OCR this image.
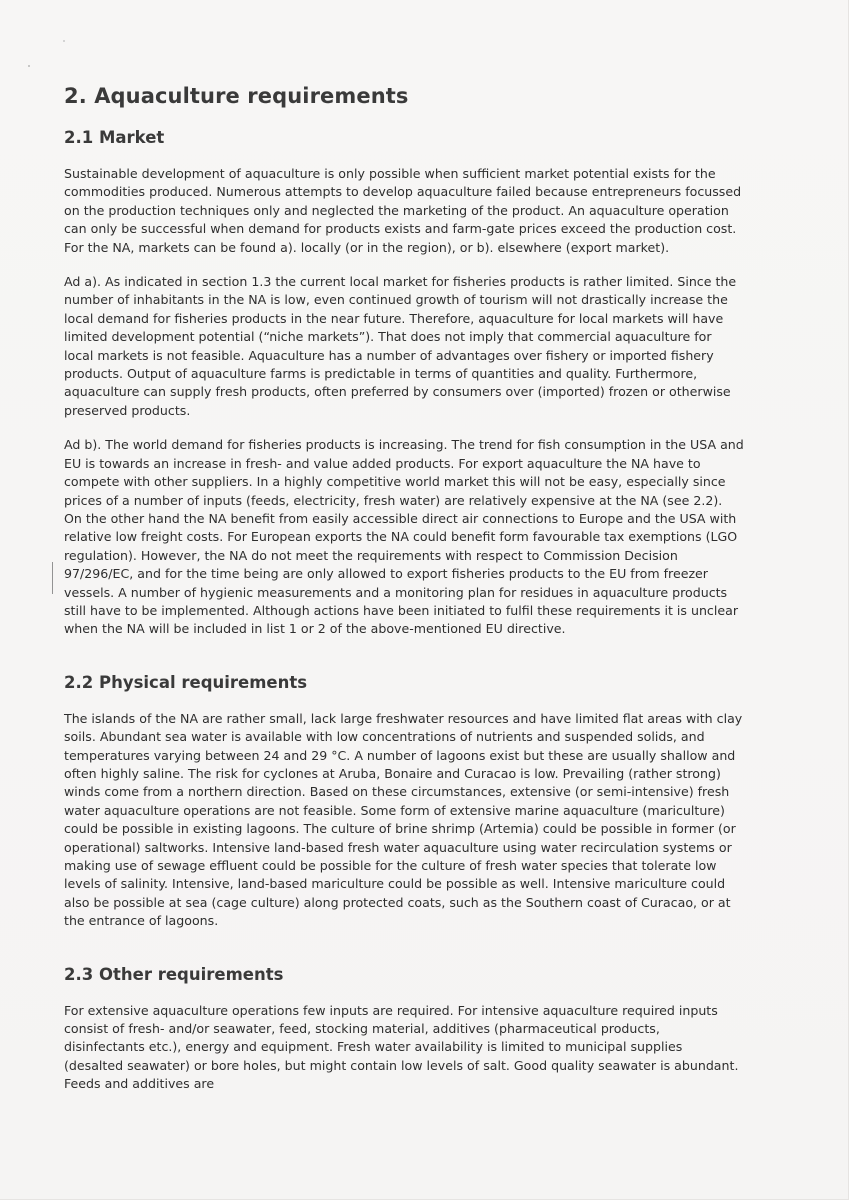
2. Aquaculture requirements
2.1 Market

Sustainable development of aquaculture is only possible when sufficient market potential exists for the commodities produced. Numerous attempts to develop aquaculture failed because entrepreneurs focussed on the production techniques only and neglected the marketing of the product. An aquaculture operation can only be successful when demand for products exists and farm-gate prices exceed the production cost. For the NA, markets can be found a). locally (or in the region), or b). elsewhere (export market).

Ad a). As indicated in section 1.3 the current local market for fisheries products is rather limited. Since the number of inhabitants in the NA is low, even continued growth of tourism will not drastically increase the local demand for fisheries products in the near future. Therefore, aquaculture for local markets will have limited development potential (“niche markets”). That does not imply that commercial aquaculture for local markets is not feasible. Aquaculture has a number of advantages over fishery or imported fishery products. Output of aquaculture farms is predictable in terms of quantities and quality. Furthermore, aquaculture can supply fresh products, often preferred by consumers over (imported) frozen or otherwise preserved products.

Ad b). The world demand for fisheries products is increasing. The trend for fish consumption in the USA and EU is towards an increase in fresh- and value added products. For export aquaculture the NA have to compete with other suppliers. In a highly competitive world market this will not be easy, especially since prices of a number of inputs (feeds, electricity, fresh water) are relatively expensive at the NA (see 2.2). On the other hand the NA benefit from easily accessible direct air connections to Europe and the USA with relative low freight costs. For European exports the NA could benefit form favourable tax exemptions (LGO regulation). However, the NA do not meet the requirements with respect to Commission Decision 97/296/EC, and for the time being are only allowed to export fisheries products to the EU from freezer vessels. A number of hygienic measurements and a monitoring plan for residues in aquaculture products still have to be implemented. Although actions have been initiated to fulfil these requirements it is unclear when the NA will be included in list 1 or 2 of the above-mentioned EU directive.

2.2 Physical requirements

The islands of the NA are rather small, lack large freshwater resources and have limited flat areas with clay soils. Abundant sea water is available with low concentrations of nutrients and suspended solids, and temperatures varying between 24 and 29 °C. A number of lagoons exist but these are usually shallow and often highly saline. The risk for cyclones at Aruba, Bonaire and Curacao is low. Prevailing (rather strong) winds come from a northern direction. Based on these circumstances, extensive (or semi-intensive) fresh water aquaculture operations are not feasible. Some form of extensive marine aquaculture (mariculture) could be possible in existing lagoons. The culture of brine shrimp (Artemia) could be possible in former (or operational) saltworks. Intensive land-based fresh water aquaculture using water recirculation systems or making use of sewage effluent could be possible for the culture of fresh water species that tolerate low levels of salinity. Intensive, land-based mariculture could be possible as well. Intensive mariculture could also be possible at sea (cage culture) along protected coats, such as the Southern coast of Curacao, or at the entrance of lagoons.

2.3 Other requirements

For extensive aquaculture operations few inputs are required. For intensive aquaculture required inputs consist of fresh- and/or seawater, feed, stocking material, additives (pharmaceutical products, disinfectants etc.), energy and equipment. Fresh water availability is limited to municipal supplies (desalted seawater) or bore holes, but might contain low levels of salt. Good quality seawater is abundant. Feeds and additives are
